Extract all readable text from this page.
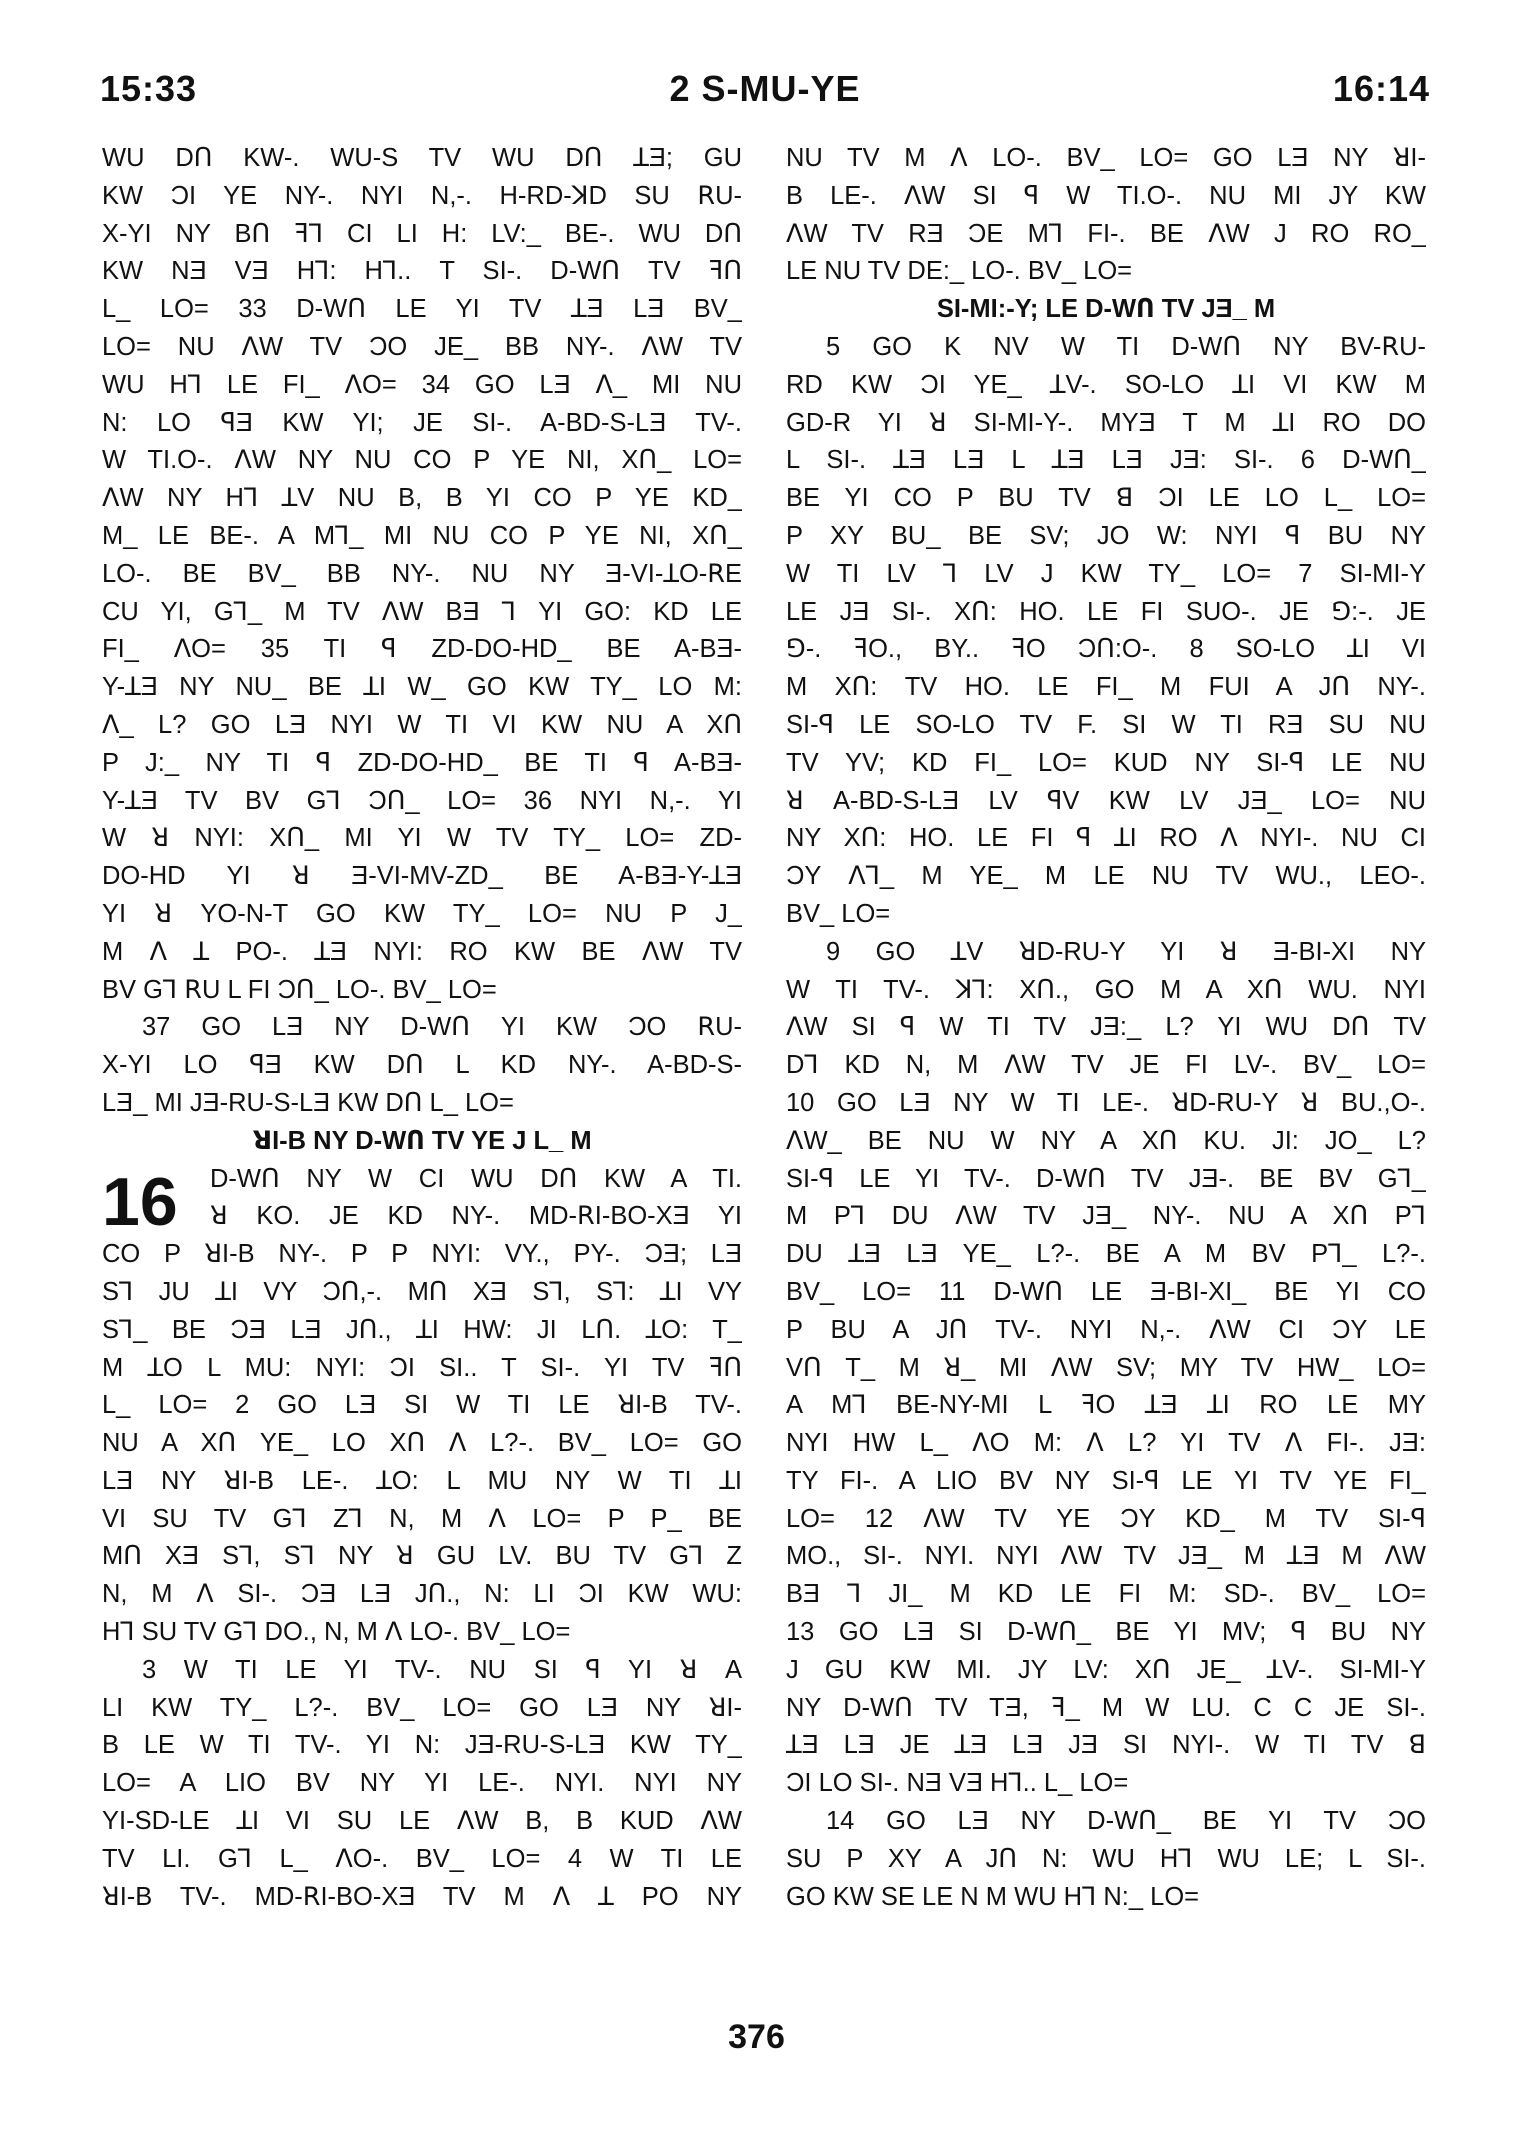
15:33	2 S-MU-YE	16:14
WU DՈ KW-. WU-S TV WU DՈ ꓕƎ; GU
KW ƆI YE NY-. NYI N,-. H-RD-ꓘD SU ꓣU-
X-YI NY BՈ ꟻꓶ CI LI H: LV:_ BE-. WU DՈ
KW NƎ VƎ Hꓶ: Hꓶ.. T SI-. D-WՈ TV ꟻՈ
L_ LO= 33 D-WՈ LE YI TV ꓕƎ LƎ BV_
LO= NU ꓥW TV ƆO JE_ BB NY-. ꓥW TV
WU Hꓶ LE FI_ ꓥO= 34 GO LƎ ꓥ_ MI NU
N: LO ꟼƎ KW YI; JE SI-. A-BD-S-LƎ TV-.
W TI.O-. ꓥW NY NU CO P YE NI, XՈ_ LO=
ꓥW NY Hꓶ ꓕV NU B, B YI CO P YE KD_
M_ LE BE-. A Mꓶ_ MI NU CO P YE NI, XՈ_
LO-. BE BV_ BB NY-. NU NY Ǝ-VI-ꓕO-ꓣE
CU YI, Gꓶ_ M TV ꓥW BƎ ꓶ YI GO: KD LE
FI_ ꓥO= 35 TI ꟼ ZD-DO-HD_ BE A-BƎ-
Y-ꓕƎ NY NU_ BE ꓕI W_ GO KW TY_ LO M:
ꓥ_ L? GO LƎ NYI W TI VI KW NU A XՈ
P J:_ NY TI ꟼ ZD-DO-HD_ BE TI ꟼ A-BƎ-
Y-ꓕƎ TV BV Gꓶ ƆՈ_ LO= 36 NYI N,-. YI
W ꓤ NYI: XՈ_ MI YI W TV TY_ LO= ZD-
DO-HD YI ꓤ Ǝ-VI-MV-ZD_ BE A-BƎ-Y-ꓕƎ
YI ꓤ YO-N-T GO KW TY_ LO= NU P J_
M ꓥ ꓕ PO-. ꓕƎ NYI: RO KW BE ꓥW TV
BV Gꓶ ꓣU L FI ƆՈ_ LO-. BV_ LO=
37 GO LƎ NY D-WՈ YI KW ƆO ꓣU-
X-YI LO ꟼƎ KW DՈ L KD NY-. A-BD-S-
LƎ_ MI JƎ-RU-S-LƎ KW DՈ L_ LO=
ꓤI-B NY D-WՈ TV YE J L_ M
16	D-WՈ NY W CI WU DՈ KW A TI.
ꓤ KO. JE KD NY-. MD-ꓣI-BO-XƎ YI
CO P ꓤI-B NY-. P P NYI: VY., PY-. ƆƎ; LƎ
Sꓶ JU ꓕI VY ƆՈ,-. MՈ XƎ Sꓶ, Sꓶ: ꓕI VY
Sꓶ_ BE ƆƎ LƎ JՈ., ꓕI HW: JI LՈ. ꓕO: T_
M ꓕO L MU: NYI: ƆI SI.. T SI-. YI TV ꟻՈ
L_ LO= 2 GO LƎ SI W TI LE ꓤI-B TV-.
NU A XՈ YE_ LO XՈ ꓥ L?-. BV_ LO= GO
LƎ NY ꓤI-B LE-. ꓕO: L MU NY W TI ꓕI
VI SU TV Gꓶ Zꓶ N, M ꓥ LO= P P_ BE
MՈ XƎ Sꓶ, Sꓶ NY ꓤ GU LV. BU TV Gꓶ Z
N, M ꓥ SI-. ƆƎ LƎ JՈ., N: LI ƆI KW WU:
Hꓶ SU TV Gꓶ DO., N, M ꓥ LO-. BV_ LO=
3 W TI LE YI TV-. NU SI ꟼ YI ꓤ A
LI KW TY_ L?-. BV_ LO= GO LƎ NY ꓤI-
B LE W TI TV-. YI N: JƎ-RU-S-LƎ KW TY_
LO= A LIO BV NY YI LE-. NYI. NYI NY
YI-SD-LE ꓕI VI SU LE ꓥW B, B KUD ꓥW
TV LI. Gꓶ L_ ꓥO-. BV_ LO= 4 W TI LE
ꓤI-B TV-. MD-ꓣI-BO-XƎ TV M ꓥ ꓕ PO NY
NU TV M ꓥ LO-. BV_ LO= GO LƎ NY ꓤI-
B LE-. ꓥW SI ꟼ W TI.O-. NU MI JY KW
ꓥW TV RƎ ƆE Mꓶ FI-. BE ꓥW J RO RO_
LE NU TV DE:_ LO-. BV_ LO=
SI-MI:-Y; LE D-WՈ TV JƎ_ M
5 GO K NV W TI D-WՈ NY BV-ꓣU-
RD KW ƆI YE_ ꓕV-. SO-LO ꓕI VI KW M
GD-R YI ꓤ SI-MI-Y-. MYƎ T M ꓕI RO DO
L SI-. ꓕƎ LƎ L ꓕƎ LƎ JƎ: SI-. 6 D-WՈ_
BE YI CO P BU TV ꓭ ƆI LE LO L_ LO=
P XY BU_ BE SV; JO W: NYI ꟼ BU NY
W TI LV ꓶ LV J KW TY_ LO= 7 SI-MI-Y
LE JƎ SI-. XՈ: HO. LE FI SUO-. JE ꓨ:-. JE
ꓨ-. ꟻO., BY.. ꟻO ƆՈ:O-. 8 SO-LO ꓕI VI
M XՈ: TV HO. LE FI_ M FUI A JՈ NY-.
SI-ꟼ LE SO-LO TV F. SI W TI RƎ SU NU
TV YV; KD FI_ LO= KUD NY SI-ꟼ LE NU
ꓤ A-BD-S-LƎ LV ꟼV KW LV JƎ_ LO= NU
NY XՈ: HO. LE FI ꟼ ꓕI RO ꓥ NYI-. NU CI
ƆY ꓥꓶ_ M YE_ M LE NU TV WU., LEO-.
BV_ LO=
9 GO ꓕV ꓤD-RU-Y YI ꓤ Ǝ-BI-XI NY
W TI TV-. ꓘꓶ: XՈ., GO M A XՈ WU. NYI
ꓥW SI ꟼ W TI TV JƎ:_ L? YI WU DՈ TV
Dꓶ KD N, M ꓥW TV JE FI LV-. BV_ LO=
10 GO LƎ NY W TI LE-. ꓤD-RU-Y ꓤ BU.,O-.
ꓥW_ BE NU W NY A XՈ KU. JI: JO_ L?
SI-ꟼ LE YI TV-. D-WՈ TV JƎ-. BE BV Gꓶ_
M Pꓶ DU ꓥW TV JƎ_ NY-. NU A XՈ Pꓶ
DU ꓕƎ LƎ YE_ L?-. BE A M BV Pꓶ_ L?-.
BV_ LO= 11 D-WՈ LE Ǝ-BI-XI_ BE YI CO
P BU A JՈ TV-. NYI N,-. ꓥW CI ƆY LE
VՈ T_ M ꓤ_ MI ꓥW SV; MY TV HW_ LO=
A Mꓶ BE-NY-MI L ꟻO ꓕƎ ꓕI RO LE MY
NYI HW L_ ꓥO M: ꓥ L? YI TV ꓥ FI-. JƎ:
TY FI-. A LIO BV NY SI-ꟼ LE YI TV YE FI_
LO= 12 ꓥW TV YE ƆY KD_ M TV SI-ꟼ
MO., SI-. NYI. NYI ꓥW TV JƎ_ M ꓕƎ M ꓥW
BƎ ꓶ JI_ M KD LE FI M: SD-. BV_ LO=
13 GO LƎ SI D-WՈ_ BE YI MV; ꟼ BU NY
J GU KW MI. JY LV: XՈ JE_ ꓕV-. SI-MI-Y
NY D-WՈ TV TƎ, ꟻ_ M W LU. C C JE SI-.
ꓕƎ LƎ JE ꓕƎ LƎ JƎ SI NYI-. W TI TV ꓭ
ƆI LO SI-. NƎ VƎ Hꓶ.. L_ LO=
14 GO LƎ NY D-WՈ_ BE YI TV ƆO
SU P XY A JՈ N: WU Hꓶ WU LE; L SI-.
GO KW SE LE N M WU Hꓶ N:_ LO=
376
